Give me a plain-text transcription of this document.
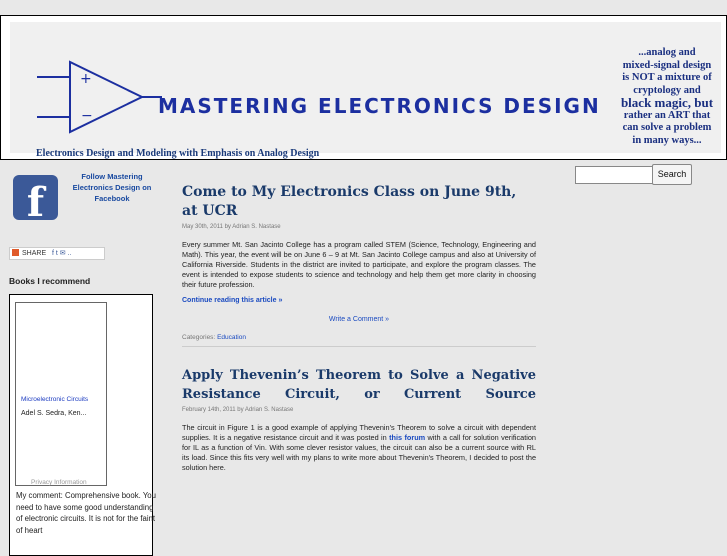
+
−	MASTERING ELECTRONICS DESIGN
Electronics Design and Modeling with Emphasis on Analog Design
...analog and
mixed-signal design
is NOT a mixture of
cryptology and
black magic, but
rather an ART that
can solve a problem
in many ways...
Search
f
Follow Mastering Electronics Design on Facebook
SHARE f t ✉ ..
Books I recommend
Microelectronic Circuits
Adel S. Sedra, Ken...
Privacy Information
My comment: Comprehensive book. You need to have some good understanding of electronic circuits. It is not for the faint of heart
Come to My Electronics Class on June 9th, at UCR
May 30th, 2011 by Adrian S. Nastase
Every summer Mt. San Jacinto College has a program called STEM (Science, Technology, Engineering and Math). This year, the event will be on June 6 – 9 at Mt. San Jacinto College campus and also at University of California Riverside. Students in the district are invited to participate, and explore the program classes. The event is intended to expose students to science and technology and help them get more clarity in choosing their future profession.
Continue reading this article »
Write a Comment »
Categories: Education
Apply Thevenin’s Theorem to Solve a Negative Resistance Circuit, or Current Source
February 14th, 2011 by Adrian S. Nastase
The circuit in Figure 1 is a good example of applying Thevenin's Theorem to solve a circuit with dependent supplies. It is a negative resistance circuit and it was posted in this forum with a call for solution verification for IL as a function of Vin. With some clever resistor values, the circuit can also be a current source with RL its load. Since this fits very well with my plans to write more about Thevenin's Theorem, I decided to post the solution here.
